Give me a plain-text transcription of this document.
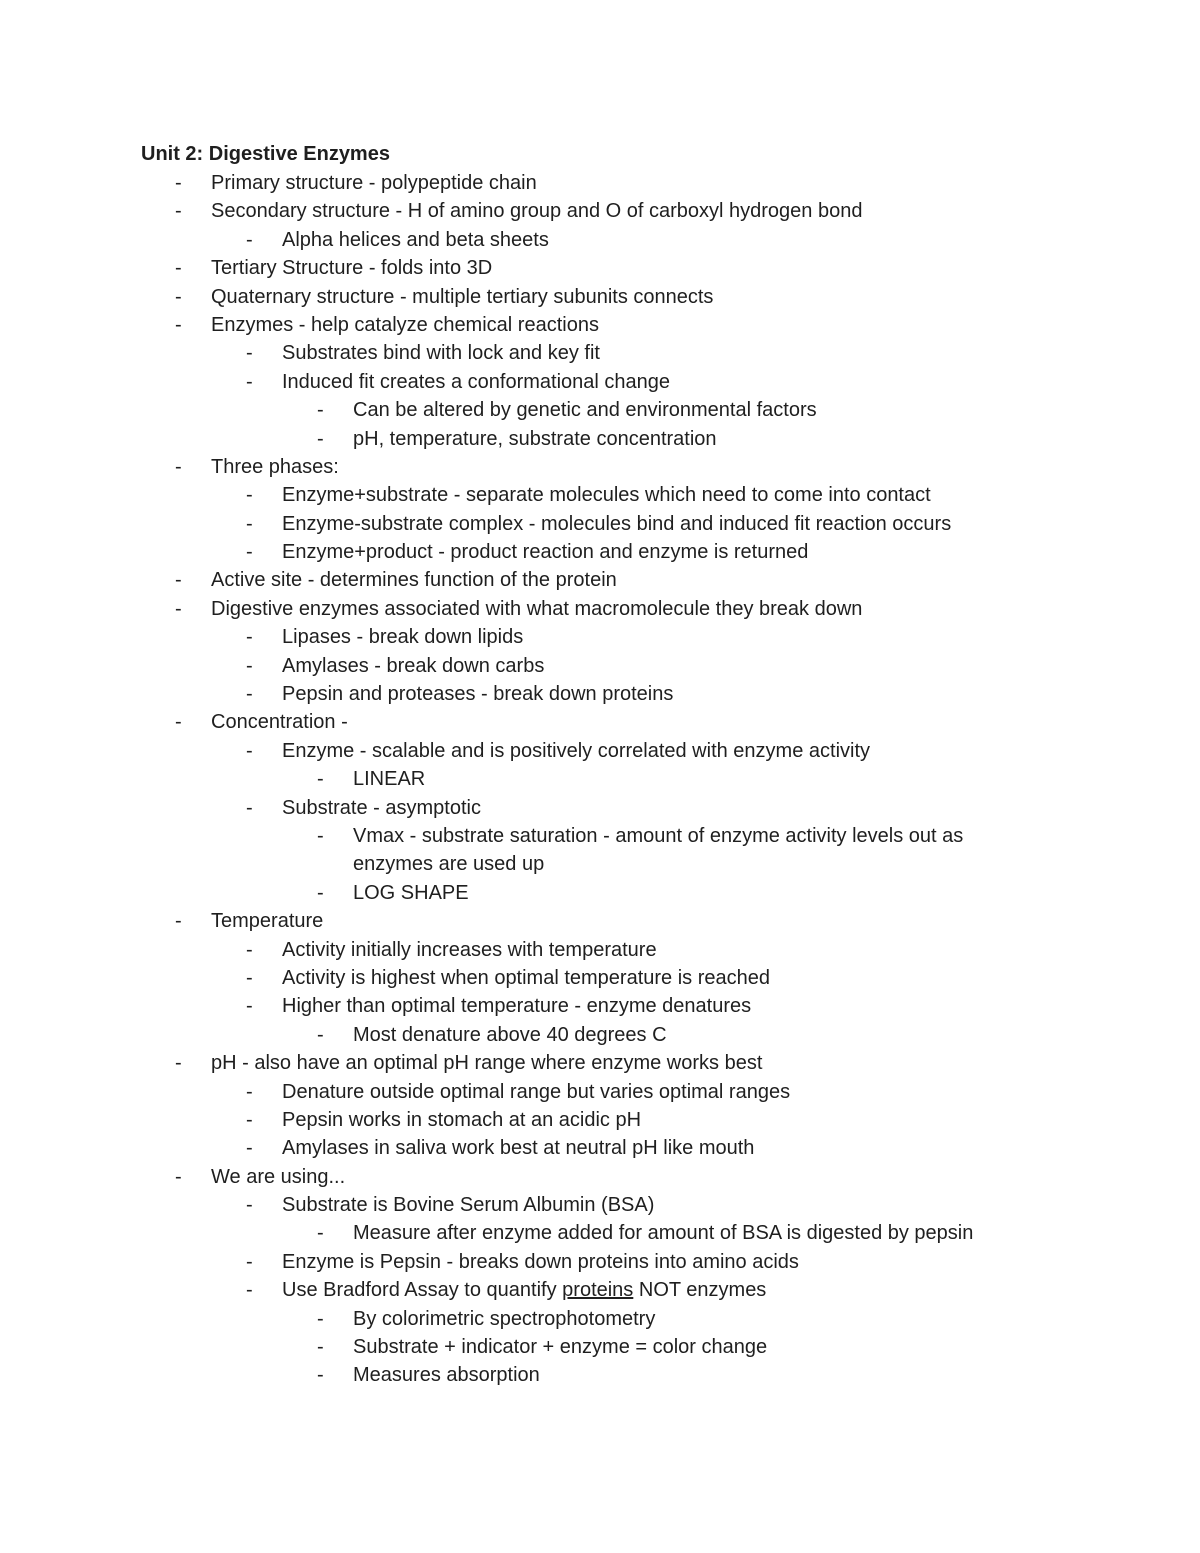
Unit 2: Digestive Enzymes
- Primary structure - polypeptide chain
- Secondary structure - H of amino group and O of carboxyl hydrogen bond
- Alpha helices and beta sheets
- Tertiary Structure - folds into 3D
- Quaternary structure - multiple tertiary subunits connects
- Enzymes - help catalyze chemical reactions
- Substrates bind with lock and key fit
- Induced fit creates a conformational change
- Can be altered by genetic and environmental factors
- pH, temperature, substrate concentration
- Three phases:
- Enzyme+substrate - separate molecules which need to come into contact
- Enzyme-substrate complex - molecules bind and induced fit reaction occurs
- Enzyme+product - product reaction and enzyme is returned
- Active site - determines function of the protein
- Digestive enzymes associated with what macromolecule they break down
- Lipases - break down lipids
- Amylases - break down carbs
- Pepsin and proteases - break down proteins
- Concentration -
- Enzyme - scalable and is positively correlated with enzyme activity
- LINEAR
- Substrate - asymptotic
- Vmax - substrate saturation - amount of enzyme activity levels out as
enzymes are used up
- LOG SHAPE
- Temperature
- Activity initially increases with temperature
- Activity is highest when optimal temperature is reached
- Higher than optimal temperature - enzyme denatures
- Most denature above 40 degrees C
- pH - also have an optimal pH range where enzyme works best
- Denature outside optimal range but varies optimal ranges
- Pepsin works in stomach at an acidic pH
- Amylases in saliva work best at neutral pH like mouth
- We are using...
- Substrate is Bovine Serum Albumin (BSA)
- Measure after enzyme added for amount of BSA is digested by pepsin
- Enzyme is Pepsin - breaks down proteins into amino acids
- Use Bradford Assay to quantify proteins NOT enzymes
- By colorimetric spectrophotometry
- Substrate + indicator + enzyme = color change
- Measures absorption
